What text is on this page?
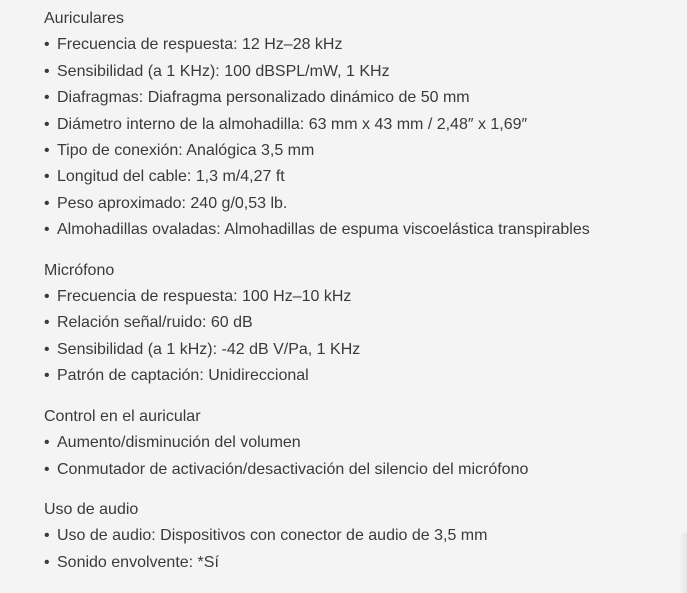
Auriculares
• Frecuencia de respuesta: 12 Hz–28 kHz
• Sensibilidad (a 1 KHz): 100 dBSPL/mW, 1 KHz
• Diafragmas: Diafragma personalizado dinámico de 50 mm
• Diámetro interno de la almohadilla: 63 mm x 43 mm / 2,48″ x 1,69″
• Tipo de conexión: Analógica 3,5 mm
• Longitud del cable: 1,3 m/4,27 ft
• Peso aproximado: 240 g/0,53 lb.
• Almohadillas ovaladas: Almohadillas de espuma viscoelástica transpirables
Micrófono
• Frecuencia de respuesta: 100 Hz–10 kHz
• Relación señal/ruido: 60 dB
• Sensibilidad (a 1 kHz): -42 dB V/Pa, 1 KHz
• Patrón de captación: Unidireccional
Control en el auricular
• Aumento/disminución del volumen
• Conmutador de activación/desactivación del silencio del micrófono
Uso de audio
• Uso de audio: Dispositivos con conector de audio de 3,5 mm
• Sonido envolvente: *Sí
